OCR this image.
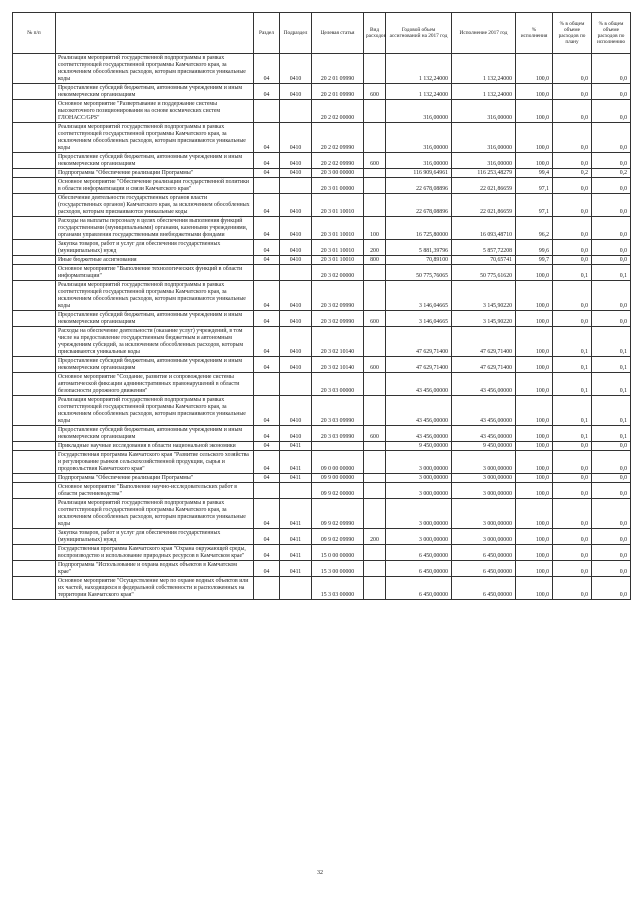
№ п/п		Раздел	Подраздел	Целевая статья	Вид расходов	Годовой объем ассигнований на 2017 год	Исполнение 2017 год	% исполнения	% в общем объеме расходов по плану	% в общем объеме расходов по исполнению
	Реализация мероприятий государственной подпрограммы в рамках соответствующей государственной программы Камчатского края, за исключением обособленных расходов, которым присваиваются уникальные коды	04	0410	20 2 01 09990		1 132,24000	1 132,24000	100,0	0,0	0,0
	Предоставление субсидий бюджетным, автономным учреждениям и иным некоммерческим организациям	04	0410	20 2 01 09990	600	1 132,24000	1 132,24000	100,0	0,0	0,0
	Основное мероприятие "Развертывание и поддержание системы высокоточного позиционирования на основе космических систем ГЛОНАСС/GPS"			20 2 02 00000		316,00000	316,00000	100,0	0,0	0,0
	Реализация мероприятий государственной подпрограммы в рамках соответствующей государственной программы Камчатского края, за исключением обособленных расходов, которым присваиваются уникальные коды	04	0410	20 2 02 09990		316,00000	316,00000	100,0	0,0	0,0
	Предоставление субсидий бюджетным, автономным учреждениям и иным некоммерческим организациям	04	0410	20 2 02 09990	600	316,00000	316,00000	100,0	0,0	0,0
	Подпрограмма "Обеспечение реализации Программы"	04	0410	20 3 00 00000		116 909,64961	116 253,48279	99,4	0,2	0,2
	Основное мероприятие "Обеспечение реализации государственной политики в области информатизации и связи Камчатского края"			20 3 01 00000		22 678,08896	22 021,86659	97,1	0,0	0,0
	Обеспечение деятельности государственных органов власти (государственных органов) Камчатского края, за исключением обособленных расходов, которым присваиваются уникальные коды	04	0410	20 3 01 10010		22 678,08896	22 021,86659	97,1	0,0	0,0
	Расходы на выплаты персоналу в целях обеспечения выполнения функций государственными (муниципальными) органами, казенными учреждениями, органами управления государственными внебюджетными фондами	04	0410	20 3 01 10010	100	16 725,80000	16 093,48710	96,2	0,0	0,0
	Закупка товаров, работ и услуг для обеспечения государственных (муниципальных) нужд	04	0410	20 3 01 10010	200	5 881,39796	5 857,72208	99,6	0,0	0,0
	Иные бюджетные ассигнования	04	0410	20 3 01 10010	800	70,89100	70,65741	99,7	0,0	0,0
	Основное мероприятие "Выполнение технологических функций в области информатизации"			20 3 02 00000		50 775,76065	50 775,61620	100,0	0,1	0,1
	Реализация мероприятий государственной подпрограммы в рамках соответствующей государственной программы Камчатского края, за исключением обособленных расходов, которым присваиваются уникальные коды	04	0410	20 3 02 09990		3 146,04665	3 145,90220	100,0	0,0	0,0
	Предоставление субсидий бюджетным, автономным учреждениям и иным некоммерческим организациям	04	0410	20 3 02 09990	600	3 146,04665	3 145,90220	100,0	0,0	0,0
	Расходы на обеспечение деятельности (оказание услуг) учреждений, в том числе на предоставление государственным бюджетным и автономным учреждениям субсидий, за исключением обособленных расходов, которым присваиваются уникальные коды	04	0410	20 3 02 10140		47 629,71400	47 629,71400	100,0	0,1	0,1
	Предоставление субсидий бюджетным, автономным учреждениям и иным некоммерческим организациям	04	0410	20 3 02 10140	600	47 629,71400	47 629,71400	100,0	0,1	0,1
	Основное мероприятие "Создание, развитие и сопровождение системы автоматической фиксации административных правонарушений в области безопасности дорожного движения"			20 3 03 00000		43 456,00000	43 456,00000	100,0	0,1	0,1
	Реализация мероприятий государственной подпрограммы в рамках соответствующей государственной программы Камчатского края, за исключением обособленных расходов, которым присваиваются уникальные коды	04	0410	20 3 03 09990		43 456,00000	43 456,00000	100,0	0,1	0,1
	Предоставление субсидий бюджетным, автономным учреждениям и иным некоммерческим организациям	04	0410	20 3 03 09990	600	43 456,00000	43 456,00000	100,0	0,1	0,1
	Прикладные научные исследования в области национальной экономики	04	0411			9 450,00000	9 450,00000	100,0	0,0	0,0
	Государственная программа Камчатского края "Развитие сельского хозяйства и регулирование рынков сельскохозяйственной продукции, сырья и продовольствия Камчатского края"	04	0411	09 0 00 00000		3 000,00000	3 000,00000	100,0	0,0	0,0
	Подпрограмма "Обеспечение реализации Программы"	04	0411	09 9 00 00000		3 000,00000	3 000,00000	100,0	0,0	0,0
	Основное мероприятие "Выполнение научно-исследовательских работ в области растениеводства"			09 9 02 00000		3 000,00000	3 000,00000	100,0	0,0	0,0
	Реализация мероприятий государственной подпрограммы в рамках соответствующей государственной программы Камчатского края, за исключением обособленных расходов, которым присваиваются уникальные коды	04	0411	09 9 02 09990		3 000,00000	3 000,00000	100,0	0,0	0,0
	Закупка товаров, работ и услуг для обеспечения государственных (муниципальных) нужд	04	0411	09 9 02 09990	200	3 000,00000	3 000,00000	100,0	0,0	0,0
	Государственная программа Камчатского края "Охрана окружающей среды, воспроизводство и использование природных ресурсов в Камчатском крае"	04	0411	15 0 00 00000		6 450,00000	6 450,00000	100,0	0,0	0,0
	Подпрограмма "Использование и охрана водных объектов в Камчатском крае"	04	0411	15 3 00 00000		6 450,00000	6 450,00000	100,0	0,0	0,0
	Основное мероприятие "Осуществление мер по охране водных объектов или их частей, находящихся в федеральной собственности и расположенных на территории Камчатского края"			15 3 03 00000		6 450,00000	6 450,00000	100,0	0,0	0,0
32
